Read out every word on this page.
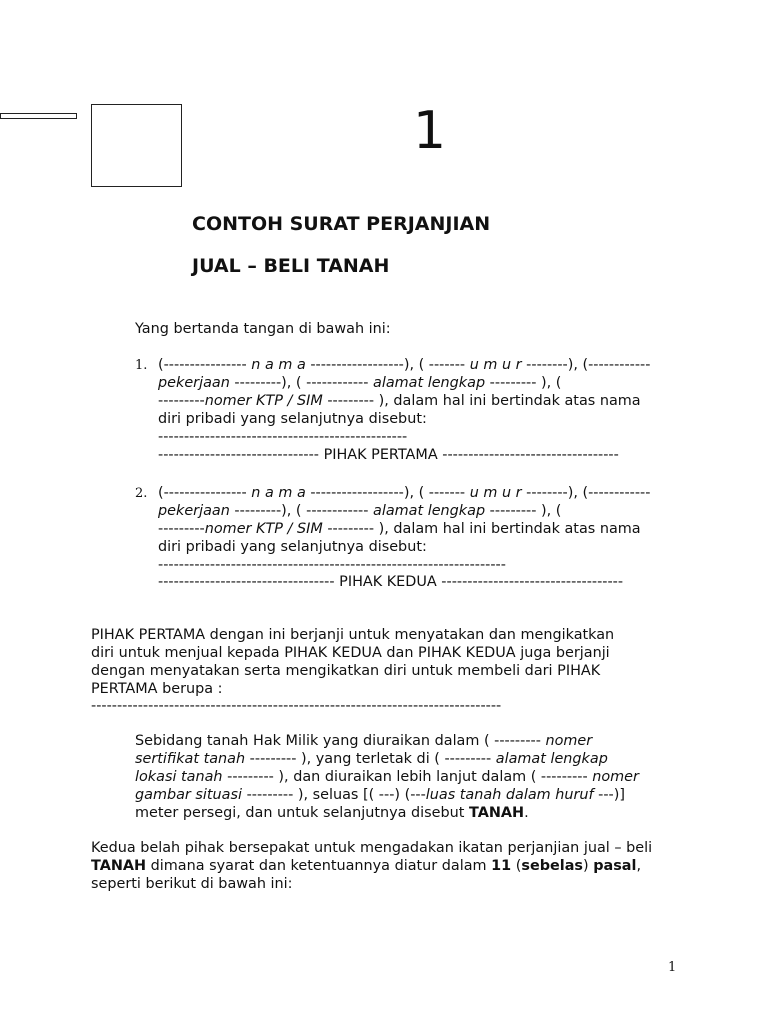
1
CONTOH SURAT PERJANJIAN
JUAL – BELI TANAH
Yang bertanda tangan di bawah ini:
1. (---------------- n a m a ------------------), ( ------- u m u r --------), (------------
pekerjaan ---------), ( ------------ alamat lengkap --------- ), (
---------nomer KTP / SIM --------- ), dalam hal ini bertindak atas nama
diri pribadi yang selanjutnya disebut:
------------------------------------------------
------------------------------- PIHAK PERTAMA ----------------------------------
2. (---------------- n a m a ------------------), ( ------- u m u r --------), (------------
pekerjaan ---------), ( ------------ alamat lengkap --------- ), (
---------nomer KTP / SIM --------- ), dalam hal ini bertindak atas nama
diri pribadi yang selanjutnya disebut:
-------------------------------------------------------------------
---------------------------------- PIHAK KEDUA -----------------------------------
PIHAK PERTAMA dengan ini berjanji untuk menyatakan dan mengikatkan
diri untuk menjual kepada PIHAK KEDUA dan PIHAK KEDUA juga berjanji
dengan menyatakan serta mengikatkan diri untuk membeli dari PIHAK
PERTAMA berupa :
-------------------------------------------------------------------------------
Sebidang tanah Hak Milik yang diuraikan dalam ( --------- nomer
sertifikat tanah --------- ), yang terletak di ( --------- alamat lengkap
lokasi tanah --------- ), dan diuraikan lebih lanjut dalam ( --------- nomer
gambar situasi --------- ), seluas [( ---) (---luas tanah dalam huruf ---)]
meter persegi, dan untuk selanjutnya disebut TANAH.
Kedua belah pihak bersepakat untuk mengadakan ikatan perjanjian jual – beli
TANAH dimana syarat dan ketentuannya diatur dalam 11 (sebelas) pasal,
seperti berikut di bawah ini:
1
